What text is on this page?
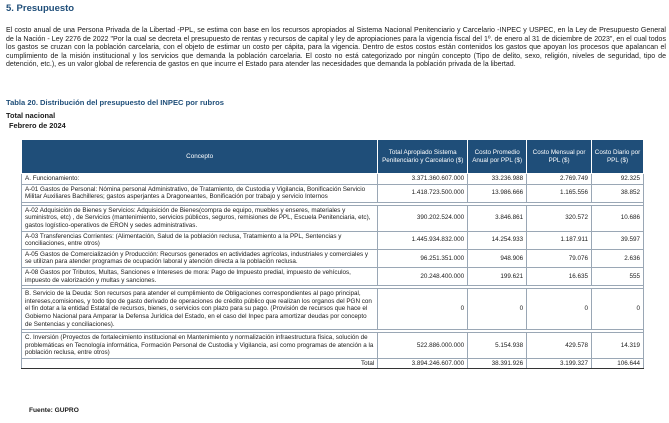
5. Presupuesto
El costo anual de una Persona Privada de la Libertad -PPL, se estima con base en los recursos apropiados al Sistema Nacional Penitenciario y Carcelario -INPEC y USPEC, en la Ley de Presupuesto General de la Nación - Ley 2276 de 2022 "Por la cual se decreta el presupuesto de rentas y recursos de capital y ley de apropiaciones para la vigencia fiscal del 1º. de enero al 31 de diciembre de 2023", en el cual todos los gastos se cruzan con la población carcelaria, con el objeto de estimar un costo per cápita, para la vigencia. Dentro de estos costos están contenidos los gastos que apoyan los procesos que apalancan el cumplimiento de la misión institucional y los servicios que demanda la población carcelaria. El costo no está categorizado por ningún concepto (Tipo de delito, sexo, religión, niveles de seguridad, tipo de detención, etc.), es un valor global de referencia de gastos en que incurre el Estado para atender las necesidades que demanda la población privada de la libertad.
Tabla 20. Distribución del presupuesto del INPEC por rubros
Total nacional
Febrero de 2024
Concepto	Total Apropiado Sistema Penitenciario y Carcelario ($)	Costo Promedio Anual por PPL ($)	Costo Mensual por PPL ($)	Costo Diario por PPL ($)
A. Funcionamiento:	3.371.360.607.000	33.236.988	2.769.749	92.325
A-01 Gastos de Personal: Nómina personal Administrativo, de Tratamiento, de Custodia y Vigilancia, Bonificación Servicio Militar Auxiliares Bachilleres; gastos asperjantes a Dragoneantes, Bonificación por trabajo y servicio Internos	1.418.723.500.000	13.986.666	1.165.556	38.852

A-02 Adquisición de Bienes y Servicios: Adquisición de Bienes(compra de equipo, muebles y enseres, materiales y suministros, etc) , de Servicios (mantenimiento, servicios públicos, seguros, remisiones de PPL, Escuela Penitenciaria, etc), gastos logístico-operativos de ERON y sedes administrativas.	390.202.524.000	3.846.861	320.572	10.686
A-03 Transferencias Corrientes: (Alimentación, Salud de la población reclusa, Tratamiento a la PPL, Sentencias y conciliaciones, entre otros)	1.445.934.832.000	14.254.933	1.187.911	39.597
A-05 Gastos de Comercialización y Producción: Recursos generados en actividades agrícolas, industriales y comerciales y se utilizan para atender programas de ocupación laboral y atención directa a la población reclusa.	96.251.351.000	948.906	79.076	2.636
A-08 Gastos por Tributos, Multas, Sanciones e Intereses de mora: Pago de Impuesto predial, impuesto de vehículos, impuesto de valorización y multas y sanciones.	20.248.400.000	199.621	16.635	555

B. Servicio de la Deuda: Son recursos para atender el cumplimiento de Obligaciones correspondientes al pago principal, intereses,comisiones, y todo tipo de gasto derivado de operaciones de crédito público que realizan los organos del PGN con el fin dotar a la entidad Estatal de recursos, bienes, o servicios con plazo para su pago. (Provisión de recursos que hace el Gobierno Nacional para Amparar la Defensa Jurídica del Estado, en el caso del Inpec para amortizar deudas por concepto de Sentencias y conciliaciones).	0	0	0	0

C. Inversión (Proyectos de fortalecimiento institucional en Mantenimiento y normalización infraestructura física, solución de problemáticas en Tecnología informática, Formación Personal de Custodia y Vigilancia, así como programas de atención a la población reclusa, entre otros)	522.886.000.000	5.154.938	429.578	14.319
Total	3.894.246.607.000	38.391.926	3.199.327	106.644
Fuente: GUPRO
